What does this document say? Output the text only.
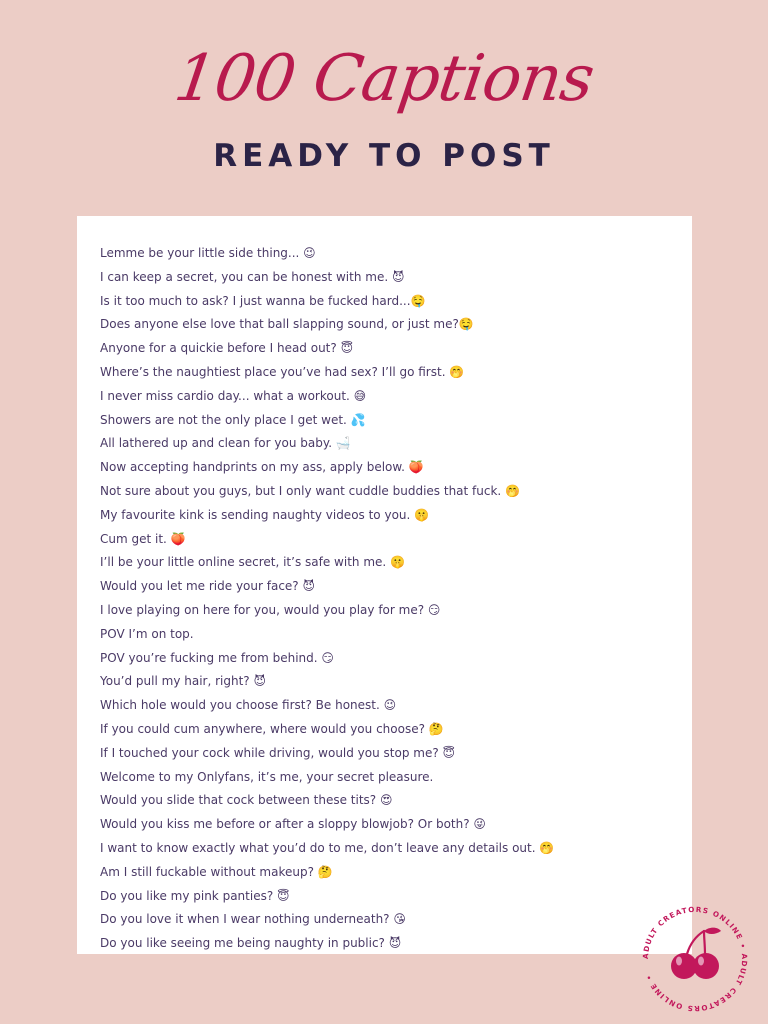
100 Captions
READY TO POST
Lemme be your little side thing... 😉
I can keep a secret, you can be honest with me. 😈
Is it too much to ask? I just wanna be fucked hard...🤤
Does anyone else love that ball slapping sound, or just me?🤤
Anyone for a quickie before I head out? 😇
Where’s the naughtiest place you’ve had sex? I’ll go first. 🤭
I never miss cardio day... what a workout. 😅
Showers are not the only place I get wet. 💦
All lathered up and clean for you baby. 🛁
Now accepting handprints on my ass, apply below. 🍑
Not sure about you guys, but I only want cuddle buddies that fuck. 🤭
My favourite kink is sending naughty videos to you. 🤫
Cum get it. 🍑
I’ll be your little online secret, it’s safe with me. 🤫
Would you let me ride your face? 😈
I love playing on here for you, would you play for me? 😏
POV I’m on top.
POV you’re fucking me from behind. 😏
You’d pull my hair, right? 😈
Which hole would you choose first? Be honest. 😉
If you could cum anywhere, where would you choose? 🤔
If I touched your cock while driving, would you stop me? 😇
Welcome to my Onlyfans, it’s me, your secret pleasure.
Would you slide that cock between these tits? 😍
Would you kiss me before or after a sloppy blowjob? Or both? 😜
I want to know exactly what you’d do to me, don’t leave any details out. 🤭
Am I still fuckable without makeup? 🤔
Do you like my pink panties? 😇
Do you love it when I wear nothing underneath? 😘
Do you like seeing me being naughty in public? 😈
ADULT CREATORS ONLINE • ADULT CREATORS ONLINE •
